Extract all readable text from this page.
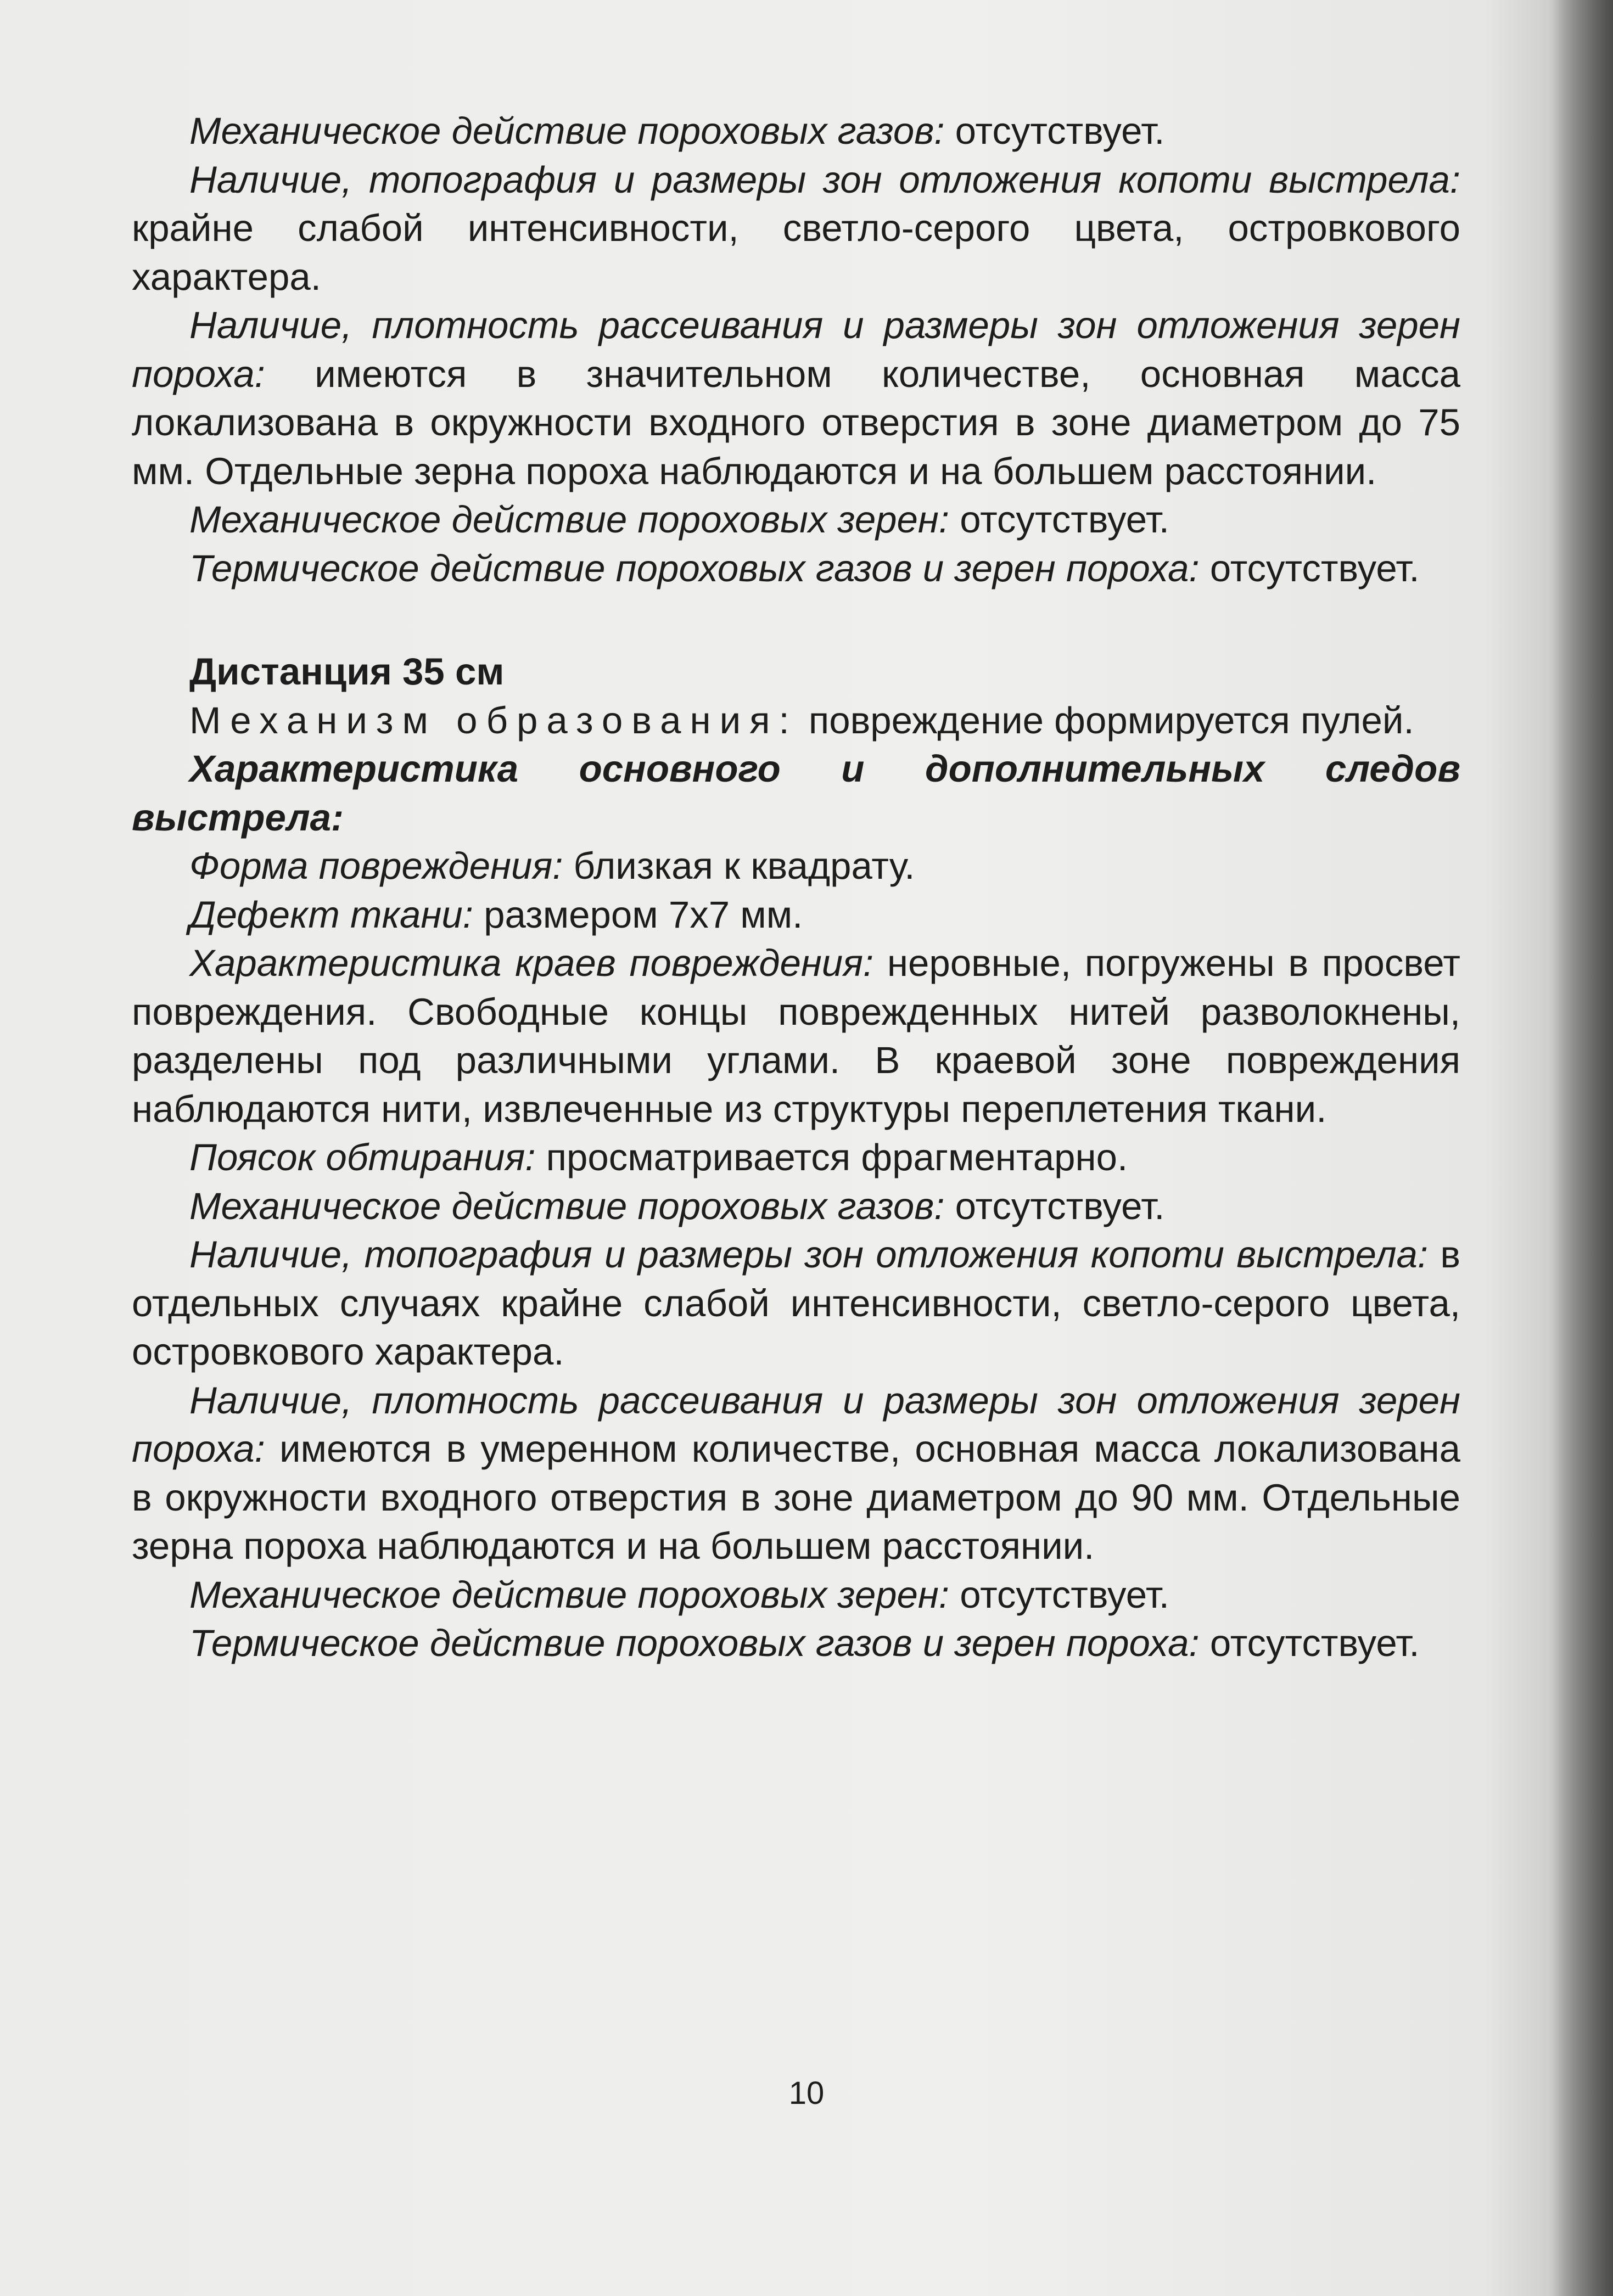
Механическое действие пороховых газов: отсутствует.

Наличие, топография и размеры зон отложения копоти выстрела: крайне слабой интенсивности, светло-серого цвета, островкового характера.

Наличие, плотность рассеивания и размеры зон отложения зерен пороха: имеются в значительном количестве, основная масса локализована в окружности входного отверстия в зоне диаметром до 75 мм. Отдельные зерна пороха наблюдаются и на большем расстоянии.

Механическое действие пороховых зерен: отсутствует.

Термическое действие пороховых газов и зерен пороха: отсутствует.

Дистанция 35 см

Механизм образования: повреждение формируется пулей.

Характеристика основного и дополнительных следов выстрела:

Форма повреждения: близкая к квадрату.

Дефект ткани: размером 7х7 мм.

Характеристика краев повреждения: неровные, погружены в просвет повреждения. Свободные концы поврежденных нитей разволокнены, разделены под различными углами. В краевой зоне повреждения наблюдаются нити, извлеченные из структуры переплетения ткани.

Поясок обтирания: просматривается фрагментарно.

Механическое действие пороховых газов: отсутствует.

Наличие, топография и размеры зон отложения копоти выстрела: в отдельных случаях крайне слабой интенсивности, светло-серого цвета, островкового характера.

Наличие, плотность рассеивания и размеры зон отложения зерен пороха: имеются в умеренном количестве, основная масса локализована в окружности входного отверстия в зоне диаметром до 90 мм. Отдельные зерна пороха наблюдаются и на большем расстоянии.

Механическое действие пороховых зерен: отсутствует.

Термическое действие пороховых газов и зерен пороха: отсутствует.

10
